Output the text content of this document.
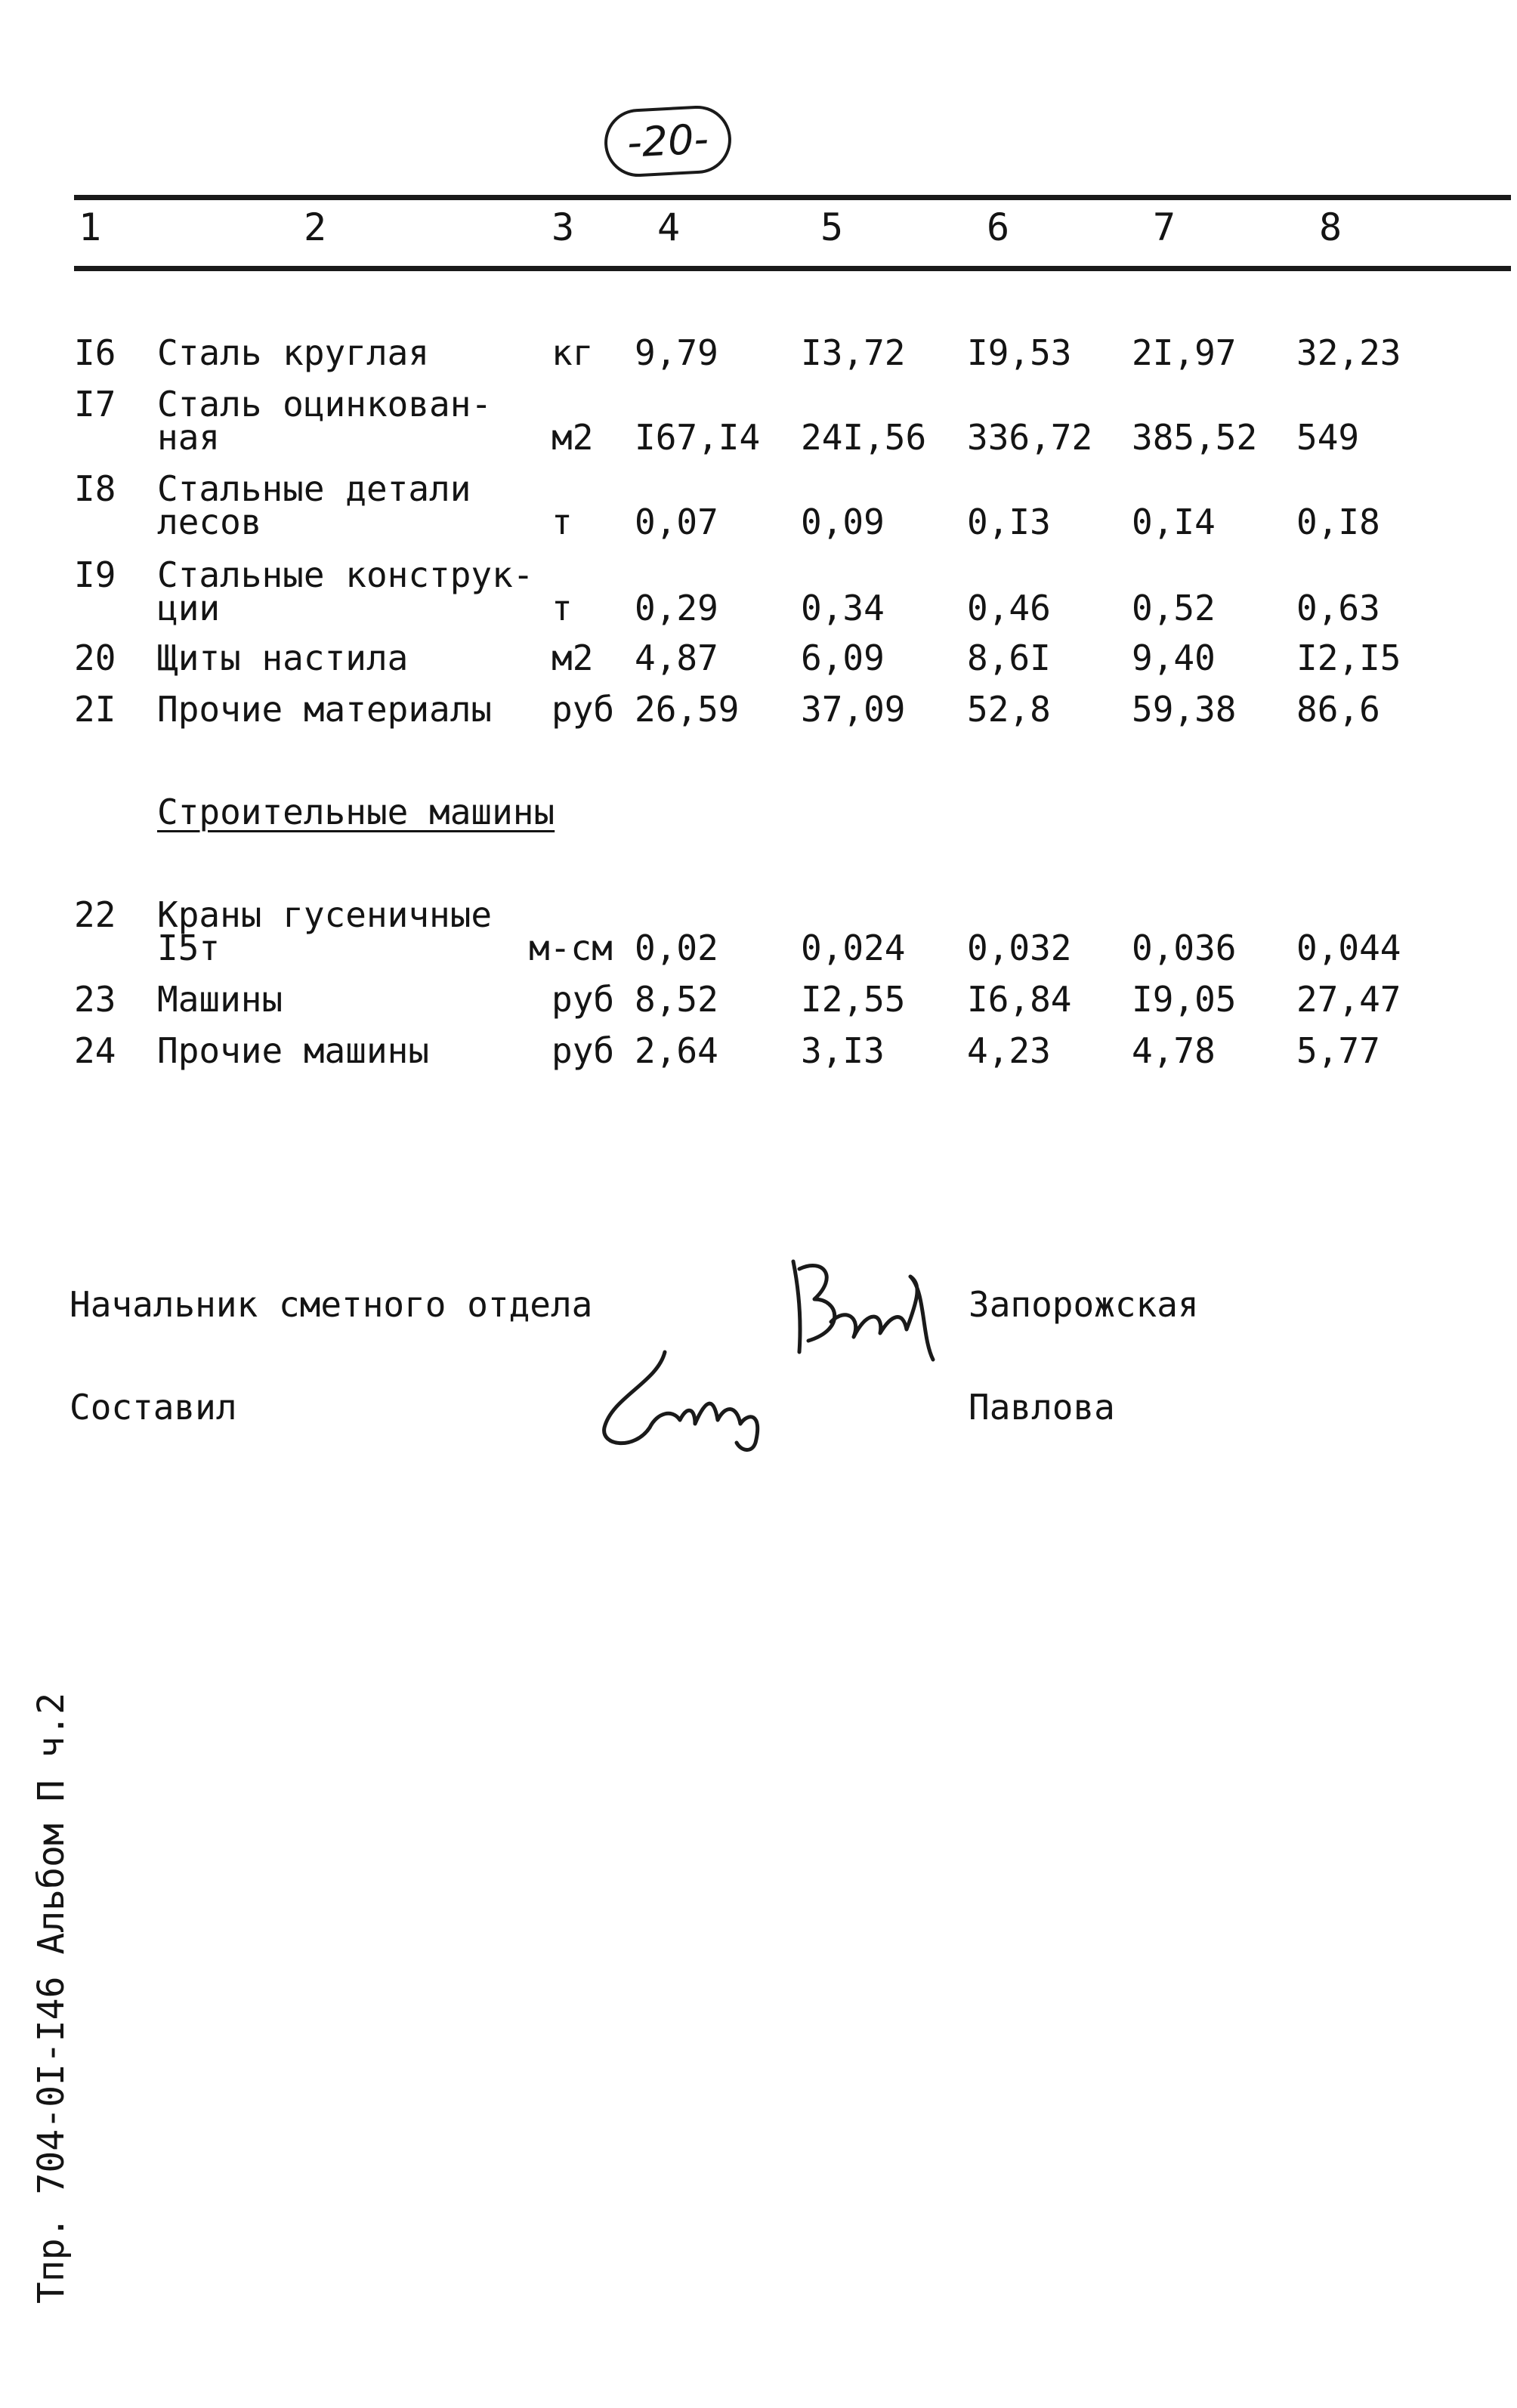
-20-
1	2	3 4	5	6	7	8
I6 Сталь круглая	кг 9,79 I3,72 I9,53 2I,97 32,23
I7 Сталь оцинкован-
ная	м2 I67,I4 24I,56 336,72 385,52 549
I8 Стальные детали
лесов	т 0,07 0,09 0,I3 0,I4 0,I8
I9 Стальные конструк-
ции	т 0,29 0,34 0,46 0,52 0,63
20 Щиты настила	м2 4,87 6,09 8,6I 9,40 I2,I5
2I Прочие материалы руб 26,59 37,09 52,8 59,38 86,6
Строительные машины
22 Краны гусеничные
I5т	м-см 0,02 0,024 0,032 0,036 0,044
23 Машины	руб 8,52 I2,55 I6,84 I9,05 27,47
24 Прочие машины	руб 2,64 3,I3 4,23 4,78 5,77
Начальник сметного отдела	Запорожская
Составил	Павлова
Тпр. 704-0I-I46 Альбом П ч.2
